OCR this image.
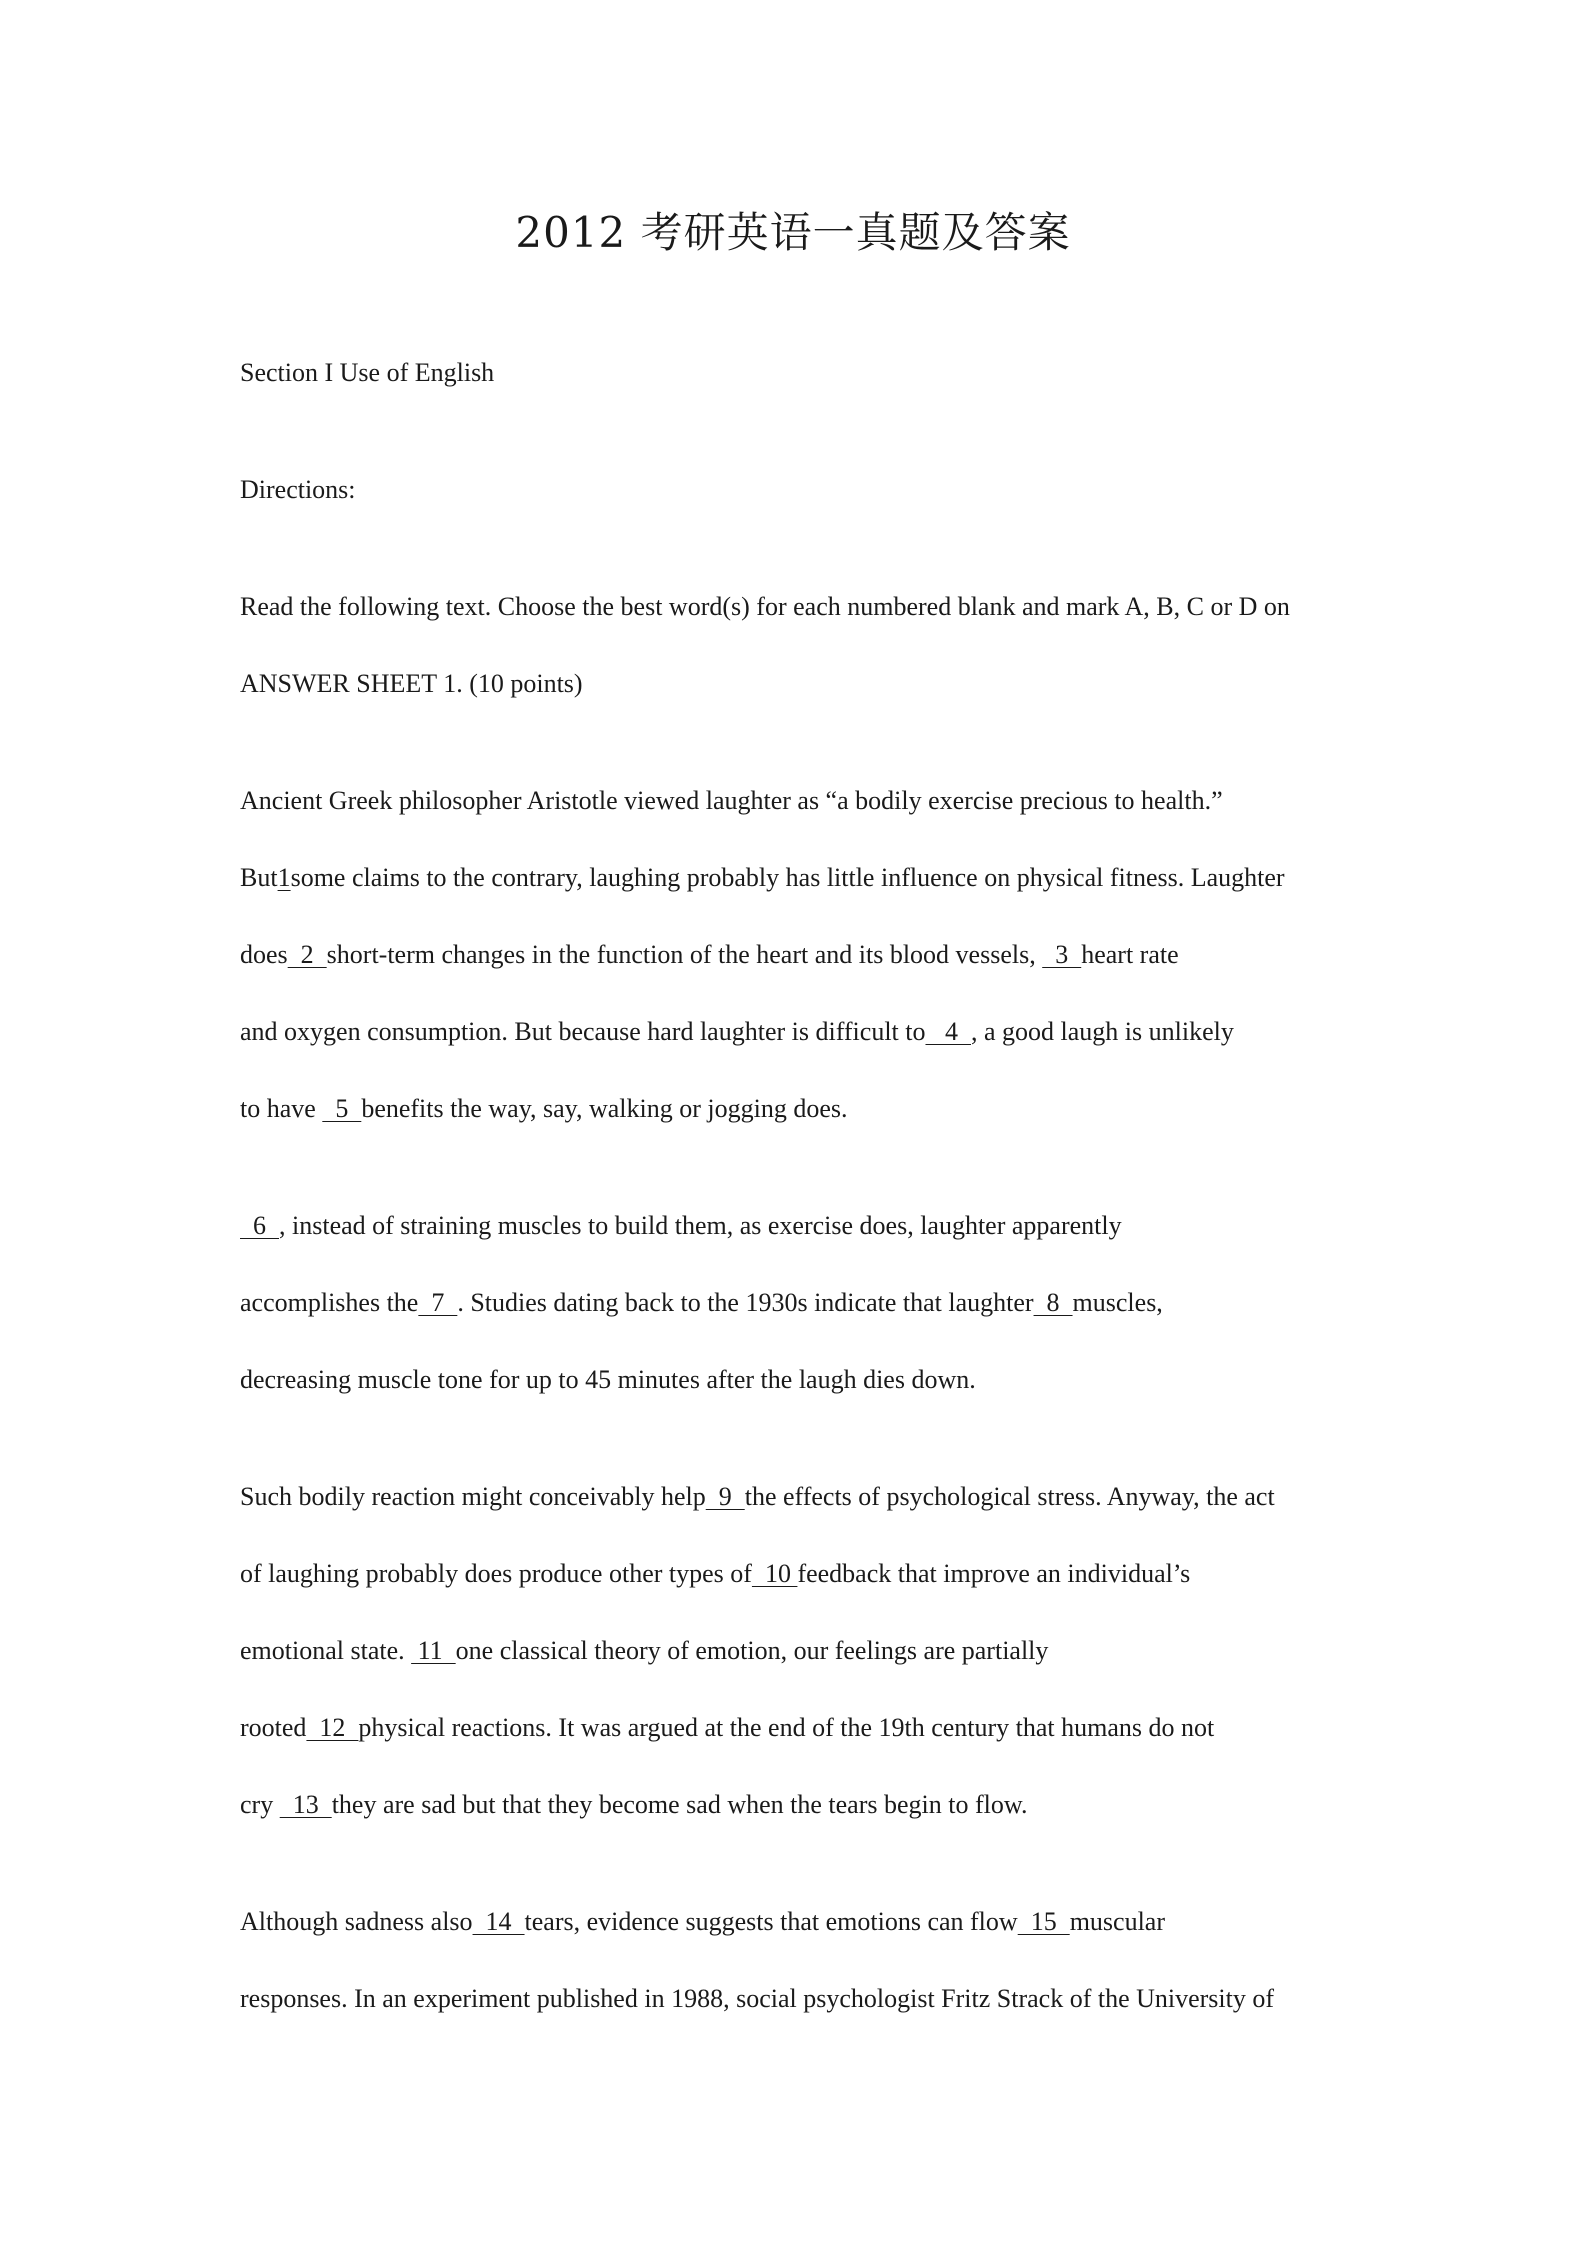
2012 考研英语一真题及答案
Section I Use of English
Directions:
Read the following text. Choose the best word(s) for each numbered blank and mark A, B, C or D on
ANSWER SHEET 1. (10 points)
Ancient Greek philosopher Aristotle viewed laughter as “a bodily exercise precious to health.”
But1some claims to the contrary, laughing probably has little influence on physical fitness. Laughter
does  2  short-term changes in the function of the heart and its blood vessels,   3  heart rate
and oxygen consumption. But because hard laughter is difficult to   4  , a good laugh is unlikely
to have   5  benefits the way, say, walking or jogging does.
6  , instead of straining muscles to build them, as exercise does, laughter apparently
accomplishes the  7  . Studies dating back to the 1930s indicate that laughter  8  muscles,
decreasing muscle tone for up to 45 minutes after the laugh dies down.
Such bodily reaction might conceivably help  9  the effects of psychological stress. Anyway, the act
of laughing probably does produce other types of  10 feedback that improve an individual’s
emotional state.  11  one classical theory of emotion, our feelings are partially
rooted  12  physical reactions. It was argued at the end of the 19th century that humans do not
cry   13  they are sad but that they become sad when the tears begin to flow.
Although sadness also  14  tears, evidence suggests that emotions can flow  15  muscular
responses. In an experiment published in 1988, social psychologist Fritz Strack of the University of
